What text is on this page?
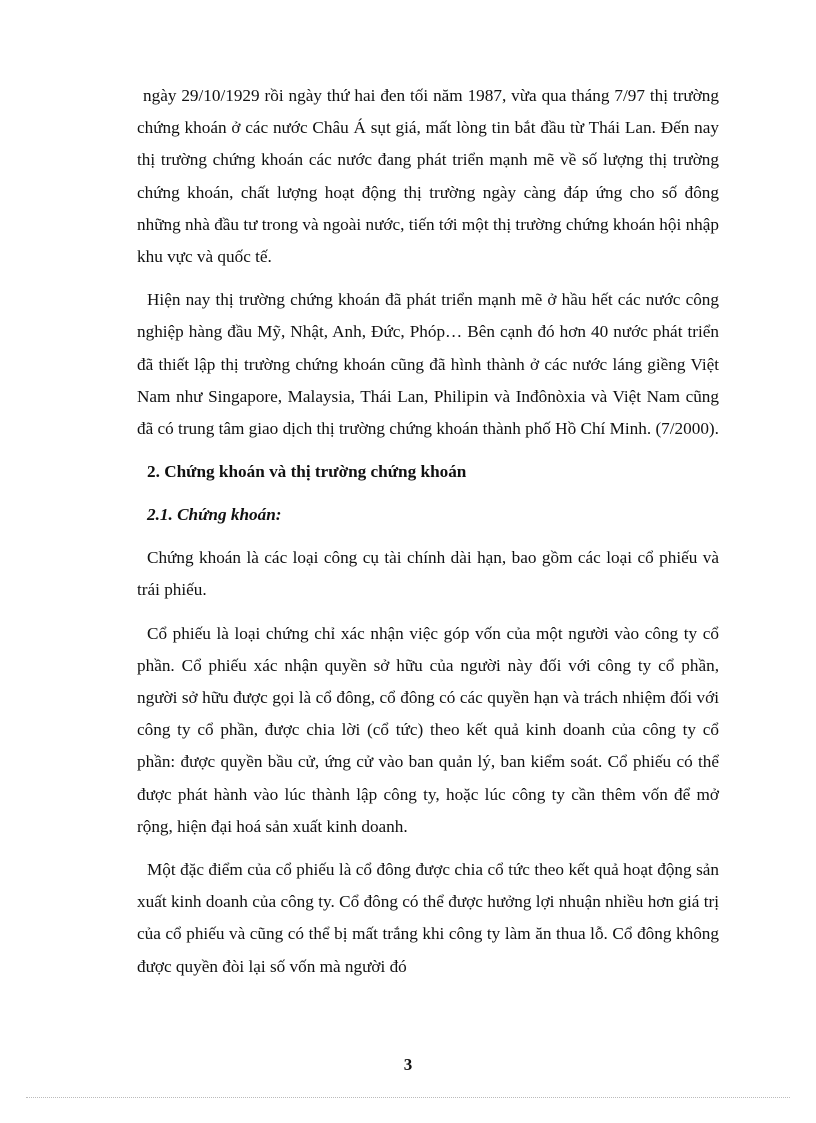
ngày 29/10/1929 rồi ngày thứ hai đen tối năm 1987, vừa qua tháng 7/97 thị trường chứng khoán ở các nước Châu Á sụt giá, mất lòng tin bắt đầu từ Thái Lan. Đến nay thị trường chứng khoán các nước đang phát triển mạnh mẽ về số lượng thị trường chứng khoán, chất lượng hoạt động thị trường ngày càng đáp ứng cho số đông những nhà đầu tư trong và ngoài nước, tiến tới một thị trường chứng khoán hội nhập khu vực và quốc tế.

Hiện nay thị trường chứng khoán đã phát triển mạnh mẽ ở hầu hết các nước công nghiệp hàng đầu Mỹ, Nhật, Anh, Đức, Phóp… Bên cạnh đó hơn 40 nước phát triển đã thiết lập thị trường chứng khoán cũng đã hình thành ở các nước láng giềng Việt Nam như Singapore, Malaysia, Thái Lan, Philipin và Inđônòxia và Việt Nam cũng đã có trung tâm giao dịch thị trường chứng khoán thành phố Hồ Chí Minh. (7/2000).

2. Chứng khoán và thị trường chứng khoán
2.1. Chứng khoán:

Chứng khoán là các loại công cụ tài chính dài hạn, bao gồm các loại cổ phiếu và trái phiếu.

Cổ phiếu là loại chứng chỉ xác nhận việc góp vốn của một người vào công ty cổ phần. Cổ phiếu xác nhận quyền sở hữu của người này đối với công ty cổ phần, người sở hữu được gọi là cổ đông, cổ đông có các quyền hạn và trách nhiệm đối với công ty cổ phần, được chia lời (cổ tức) theo kết quả kinh doanh của công ty cổ phần: được quyền bầu cử, ứng cử vào ban quản lý, ban kiểm soát. Cổ phiếu có thể được phát hành vào lúc thành lập công ty, hoặc lúc công ty cần thêm vốn để mở rộng, hiện đại hoá sản xuất kinh doanh.

Một đặc điểm của cổ phiếu là cổ đông được chia cổ tức theo kết quả hoạt động sản xuất kinh doanh của công ty. Cổ đông có thể được hưởng lợi nhuận nhiều hơn giá trị của cổ phiếu và cũng có thể bị mất trắng khi công ty làm ăn thua lỗ. Cổ đông không được quyền đòi lại số vốn mà người đó

3
